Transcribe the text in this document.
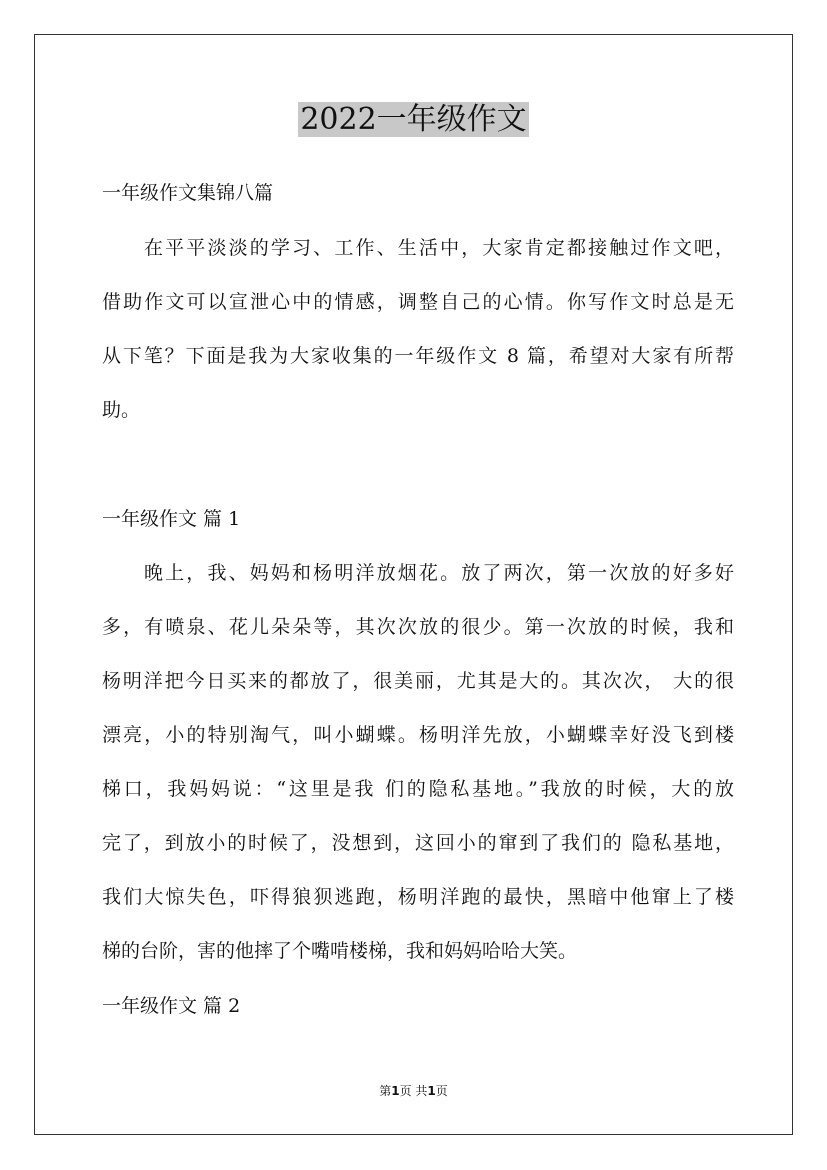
2022一年级作文
一年级作文集锦八篇
在平平淡淡的学习、工作、生活中，大家肯定都接触过作文吧，
借助作文可以宣泄心中的情感，调整自己的心情。你写作文时总是无
从下笔？下面是我为大家收集的一年级作文 8 篇，希望对大家有所帮
助。
一年级作文 篇 1
晚上，我、妈妈和杨明洋放烟花。放了两次，第一次放的好多好
多，有喷泉、花儿朵朵等，其次次放的很少。第一次放的时候，我和
杨明洋把今日买来的都放了，很美丽，尤其是大的。其次次， 大的很
漂亮，小的特别淘气，叫小蝴蝶。杨明洋先放，小蝴蝶幸好没飞到楼
梯口，我妈妈说：“这里是我 们的隐私基地。”我放的时候，大的放
完了，到放小的时候了，没想到，这回小的窜到了我们的 隐私基地，
我们大惊失色，吓得狼狈逃跑，杨明洋跑的最快，黑暗中他窜上了楼
梯的台阶，害的他摔了个嘴啃楼梯，我和妈妈哈哈大笑。
一年级作文 篇 2
第1页 共1页
